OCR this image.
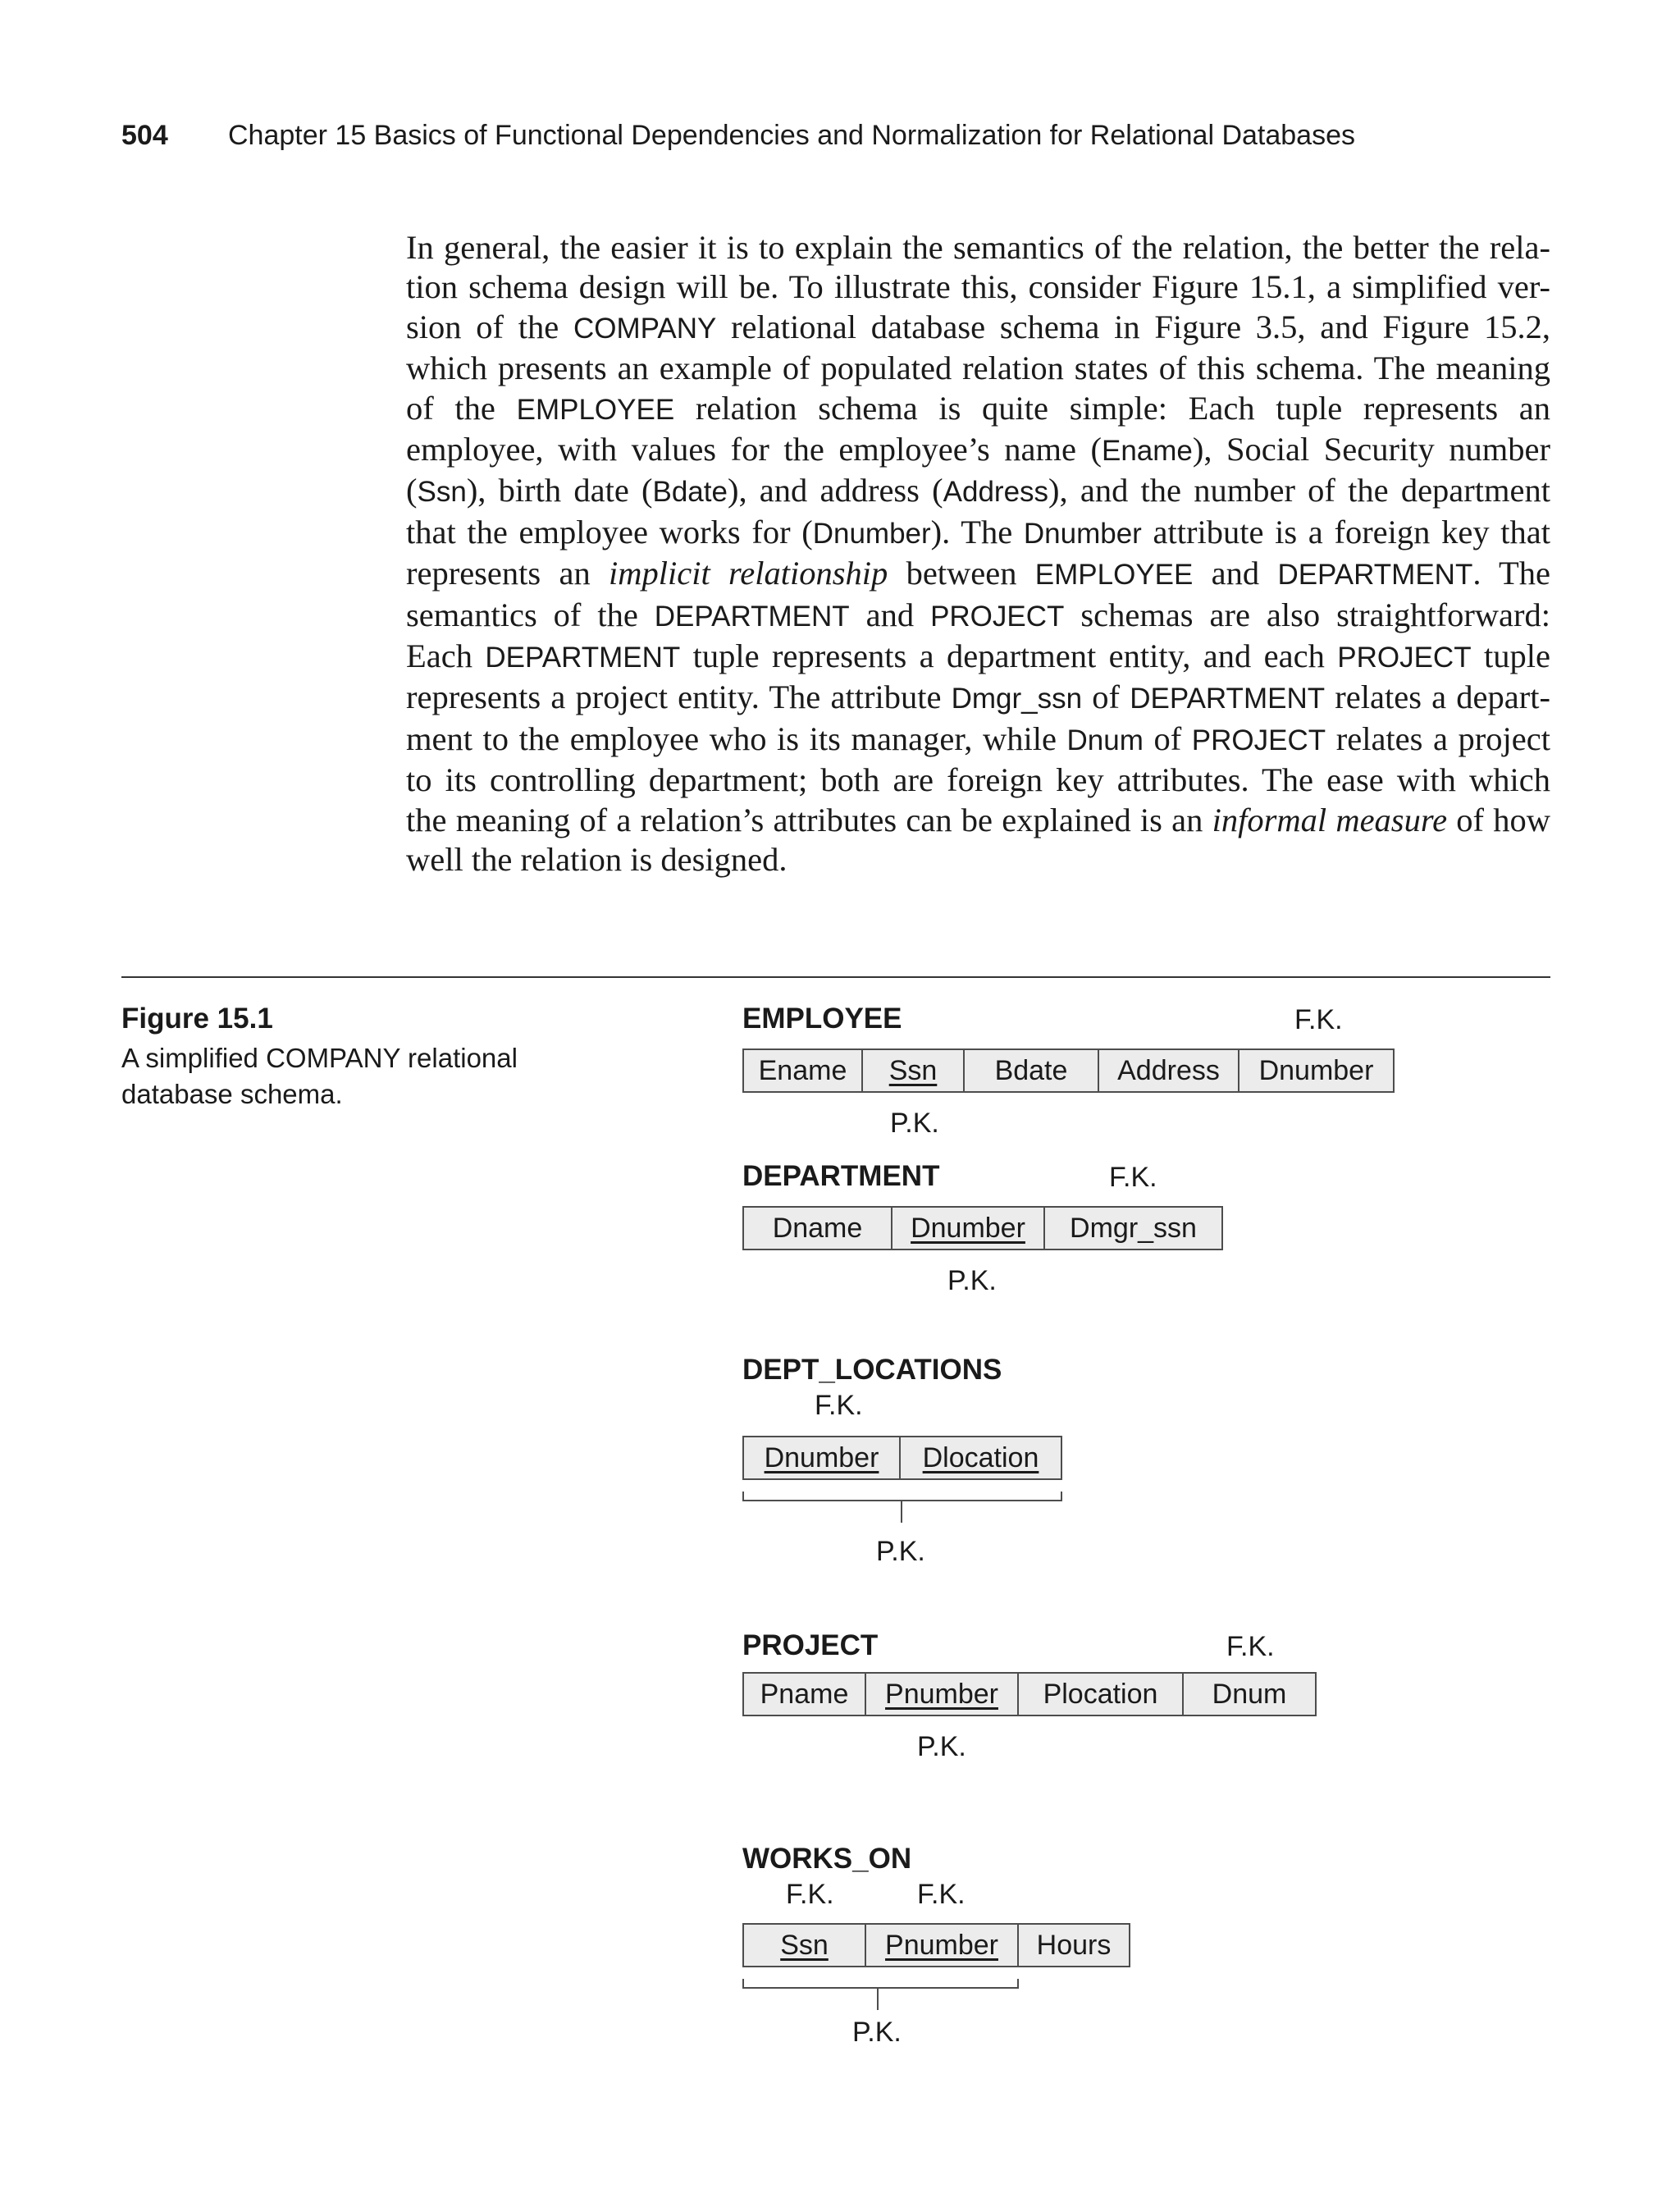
504 Chapter 15 Basics of Functional Dependencies and Normalization for Relational Databases
In general, the easier it is to explain the semantics of the relation, the better the rela-
tion schema design will be. To illustrate this, consider Figure 15.1, a simplified ver-
sion of the COMPANY relational database schema in Figure 3.5, and Figure 15.2,
which presents an example of populated relation states of this schema. The meaning
of the EMPLOYEE relation schema is quite simple: Each tuple represents an
employee, with values for the employee’s name (Ename), Social Security number
(Ssn), birth date (Bdate), and address (Address), and the number of the department
that the employee works for (Dnumber). The Dnumber attribute is a foreign key that
represents an implicit relationship between EMPLOYEE and DEPARTMENT. The
semantics of the DEPARTMENT and PROJECT schemas are also straightforward:
Each DEPARTMENT tuple represents a department entity, and each PROJECT tuple
represents a project entity. The attribute Dmgr_ssn of DEPARTMENT relates a depart-
ment to the employee who is its manager, while Dnum of PROJECT relates a project
to its controlling department; both are foreign key attributes. The ease with which
the meaning of a relation’s attributes can be explained is an informal measure of how
well the relation is designed.
Figure 15.1
A simplified COMPANY relational database schema.
EMPLOYEE	F.K.
Ename	Ssn	Bdate	Address	Dnumber
P.K.
DEPARTMENT	F.K.
Dname	Dnumber	Dmgr_ssn
P.K.
DEPT_LOCATIONS
F.K.
Dnumber	Dlocation
P.K.
PROJECT	F.K.
Pname	Pnumber	Plocation	Dnum
P.K.
WORKS_ON
F.K.	F.K.
Ssn	Pnumber	Hours
P.K.
